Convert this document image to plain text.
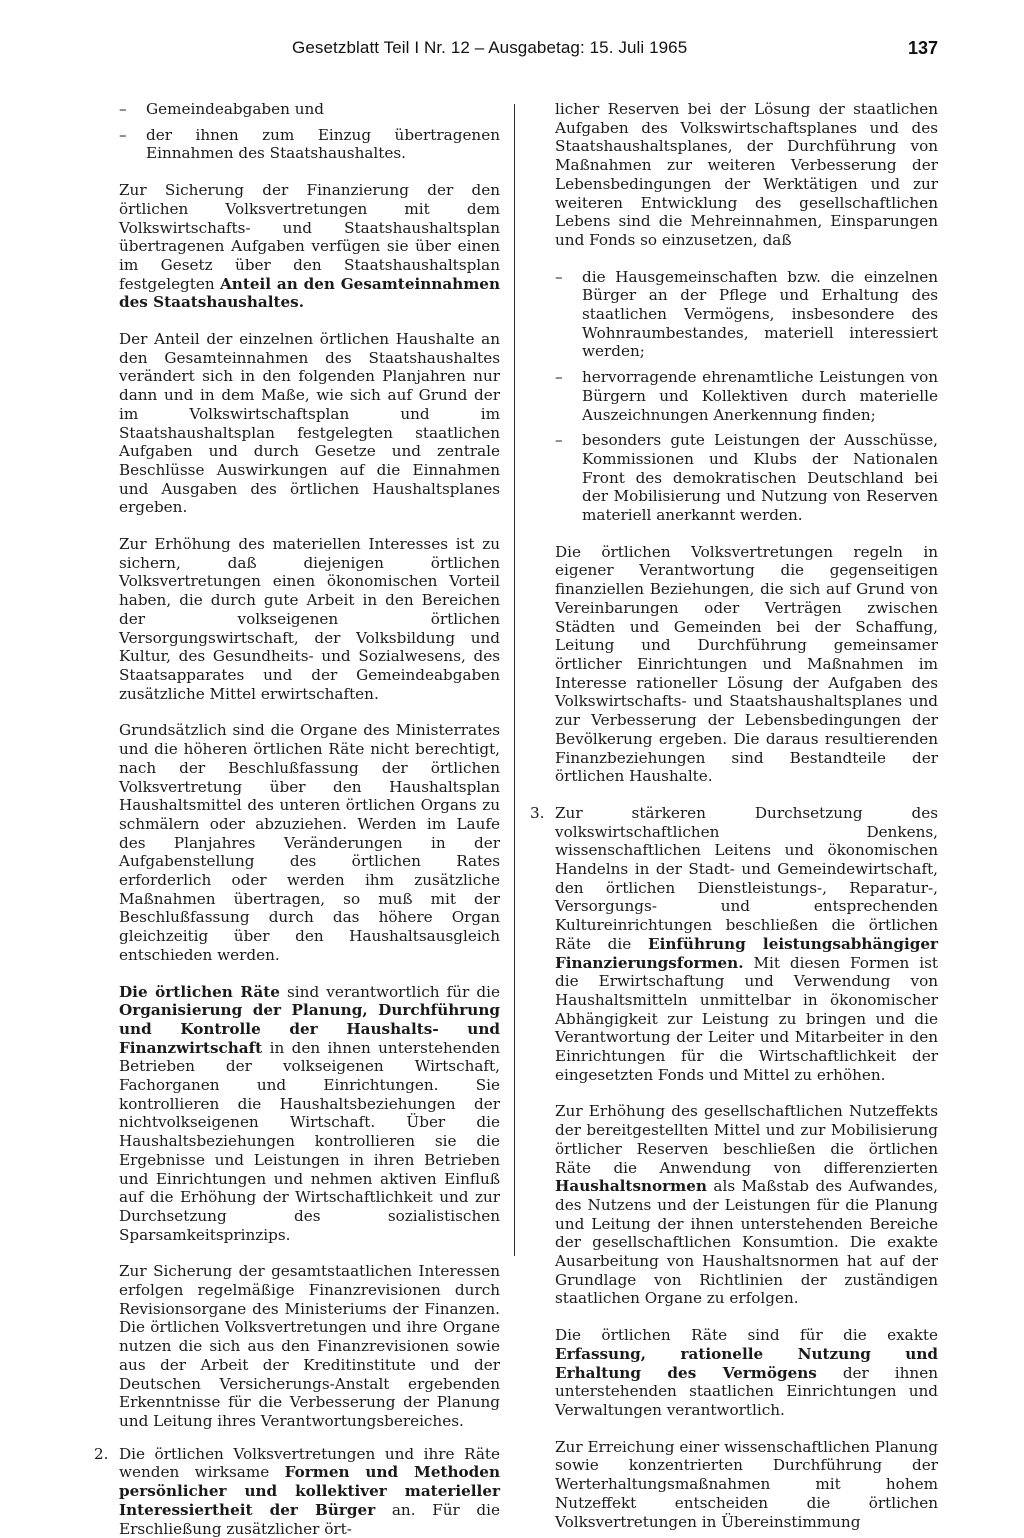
Gesetzblatt Teil I Nr. 12 – Ausgabetag: 15. Juli 1965	137

– Gemeindeabgaben und

– der ihnen zum Einzug übertragenen Einnahmen des Staatshaushaltes.

Zur Sicherung der Finanzierung der den örtlichen Volksvertretungen mit dem Volkswirtschafts- und Staatshaushaltsplan übertragenen Aufgaben verfügen sie über einen im Gesetz über den Staatshaushaltsplan festgelegten Anteil an den Gesamteinnahmen des Staatshaushaltes.

Der Anteil der einzelnen örtlichen Haushalte an den Gesamteinnahmen des Staatshaushaltes verändert sich in den folgenden Planjahren nur dann und in dem Maße, wie sich auf Grund der im Volkswirtschaftsplan und im Staatshaushaltsplan festgelegten staatlichen Aufgaben und durch Gesetze und zentrale Beschlüsse Auswirkungen auf die Einnahmen und Ausgaben des örtlichen Haushaltsplanes ergeben.

Zur Erhöhung des materiellen Interesses ist zu sichern, daß diejenigen örtlichen Volksvertretungen einen ökonomischen Vorteil haben, die durch gute Arbeit in den Bereichen der volkseigenen örtlichen Versorgungswirtschaft, der Volksbildung und Kultur, des Gesundheits- und Sozialwesens, des Staatsapparates und der Gemeindeabgaben zusätzliche Mittel erwirtschaften.

Grundsätzlich sind die Organe des Ministerrates und die höheren örtlichen Räte nicht berechtigt, nach der Beschlußfassung der örtlichen Volksvertretung über den Haushaltsplan Haushaltsmittel des unteren örtlichen Organs zu schmälern oder abzuziehen. Werden im Laufe des Planjahres Veränderungen in der Aufgabenstellung des örtlichen Rates erforderlich oder werden ihm zusätzliche Maßnahmen übertragen, so muß mit der Beschlußfassung durch das höhere Organ gleichzeitig über den Haushaltsausgleich entschieden werden.

Die örtlichen Räte sind verantwortlich für die Organisierung der Planung, Durchführung und Kontrolle der Haushalts- und Finanzwirtschaft in den ihnen unterstehenden Betrieben der volkseigenen Wirtschaft, Fachorganen und Einrichtungen. Sie kontrollieren die Haushaltsbeziehungen der nichtvolkseigenen Wirtschaft. Über die Haushaltsbeziehungen kontrollieren sie die Ergebnisse und Leistungen in ihren Betrieben und Einrichtungen und nehmen aktiven Einfluß auf die Erhöhung der Wirtschaftlichkeit und zur Durchsetzung des sozialistischen Sparsamkeitsprinzips.

Zur Sicherung der gesamtstaatlichen Interessen erfolgen regelmäßige Finanzrevisionen durch Revisionsorgane des Ministeriums der Finanzen. Die örtlichen Volksvertretungen und ihre Organe nutzen die sich aus den Finanzrevisionen sowie aus der Arbeit der Kreditinstitute und der Deutschen Versicherungs-Anstalt ergebenden Erkenntnisse für die Verbesserung der Planung und Leitung ihres Verantwortungsbereiches.

2. Die örtlichen Volksvertretungen und ihre Räte wenden wirksame Formen und Methoden persönlicher und kollektiver materieller Interessiertheit der Bürger an. Für die Erschließung zusätzlicher ört-

licher Reserven bei der Lösung der staatlichen Aufgaben des Volkswirtschaftsplanes und des Staatshaushaltsplanes, der Durchführung von Maßnahmen zur weiteren Verbesserung der Lebensbedingungen der Werktätigen und zur weiteren Entwicklung des gesellschaftlichen Lebens sind die Mehreinnahmen, Einsparungen und Fonds so einzusetzen, daß

– die Hausgemeinschaften bzw. die einzelnen Bürger an der Pflege und Erhaltung des staatlichen Vermögens, insbesondere des Wohnraumbestandes, materiell interessiert werden;

– hervorragende ehrenamtliche Leistungen von Bürgern und Kollektiven durch materielle Auszeichnungen Anerkennung finden;

– besonders gute Leistungen der Ausschüsse, Kommissionen und Klubs der Nationalen Front des demokratischen Deutschland bei der Mobilisierung und Nutzung von Reserven materiell anerkannt werden.

Die örtlichen Volksvertretungen regeln in eigener Verantwortung die gegenseitigen finanziellen Beziehungen, die sich auf Grund von Vereinbarungen oder Verträgen zwischen Städten und Gemeinden bei der Schaffung, Leitung und Durchführung gemeinsamer örtlicher Einrichtungen und Maßnahmen im Interesse rationeller Lösung der Aufgaben des Volkswirtschafts- und Staatshaushaltsplanes und zur Verbesserung der Lebensbedingungen der Bevölkerung ergeben. Die daraus resultierenden Finanzbeziehungen sind Bestandteile der örtlichen Haushalte.

3. Zur stärkeren Durchsetzung des volkswirtschaftlichen Denkens, wissenschaftlichen Leitens und ökonomischen Handelns in der Stadt- und Gemeindewirtschaft, den örtlichen Dienstleistungs-, Reparatur-, Versorgungs- und entsprechenden Kultureinrichtungen beschließen die örtlichen Räte die Einführung leistungsabhängiger Finanzierungsformen. Mit diesen Formen ist die Erwirtschaftung und Verwendung von Haushaltsmitteln unmittelbar in ökonomischer Abhängigkeit zur Leistung zu bringen und die Verantwortung der Leiter und Mitarbeiter in den Einrichtungen für die Wirtschaftlichkeit der eingesetzten Fonds und Mittel zu erhöhen.

Zur Erhöhung des gesellschaftlichen Nutzeffekts der bereitgestellten Mittel und zur Mobilisierung örtlicher Reserven beschließen die örtlichen Räte die Anwendung von differenzierten Haushaltsnormen als Maßstab des Aufwandes, des Nutzens und der Leistungen für die Planung und Leitung der ihnen unterstehenden Bereiche der gesellschaftlichen Konsumtion. Die exakte Ausarbeitung von Haushaltsnormen hat auf der Grundlage von Richtlinien der zuständigen staatlichen Organe zu erfolgen.

Die örtlichen Räte sind für die exakte Erfassung, rationelle Nutzung und Erhaltung des Vermögens der ihnen unterstehenden staatlichen Einrichtungen und Verwaltungen verantwortlich.

Zur Erreichung einer wissenschaftlichen Planung sowie konzentrierten Durchführung der Werterhaltungsmaßnahmen mit hohem Nutzeffekt entscheiden die örtlichen Volksvertretungen in Übereinstimmung
